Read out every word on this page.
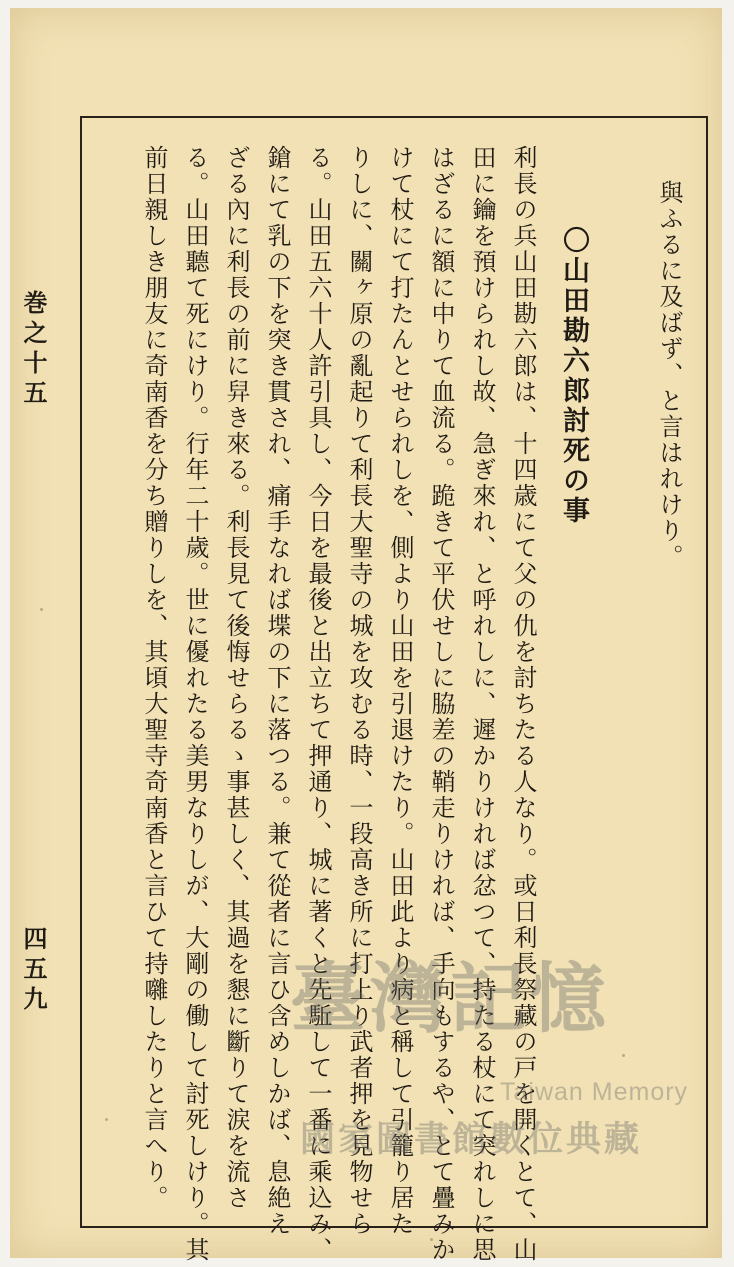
巻之十五
四五九
與ふるに及ばず、と言はれけり。
〇山田勘六郎討死の事
利長の兵山田勘六郎は、十四歳にて父の仇を討ちたる人なり。或日利長祭藏の戸を開くとて、山
田に鑰を預けられし故、急ぎ來れ、と呼れしに、遲かりければ忿つて、持たる杖にて突れしに思
はざるに額に中りて血流る。跪きて平伏せしに脇差の鞘走りければ、手向もするや、とて疊みか
けて杖にて打たんとせられしを、側より山田を引退けたり。山田此より病と稱して引籠り居た
りしに、關ヶ原の亂起りて利長大聖寺の城を攻むる時、一段高き所に打上り武者押を見物せら
る。山田五六十人許引具し、今日を最後と出立ちて押通り、城に著くと先駈して一番に乘込み、
鎗にて乳の下を突き貫され、痛手なれば堞の下に落つる。兼て從者に言ひ含めしかば、息絶え
ざる內に利長の前に舁き來る。利長見て後悔せらるゝ事甚しく、其過を懇に斷りて涙を流さ
る。山田聽て死にけり。行年二十歲。世に優れたる美男なりしが、大剛の働して討死しけり。其
前日親しき朋友に奇南香を分ち贈りしを、其頃大聖寺奇南香と言ひて持囃したりと言へり。 臺灣記憶
Taiwan Memory
國家圖書館數位典藏
